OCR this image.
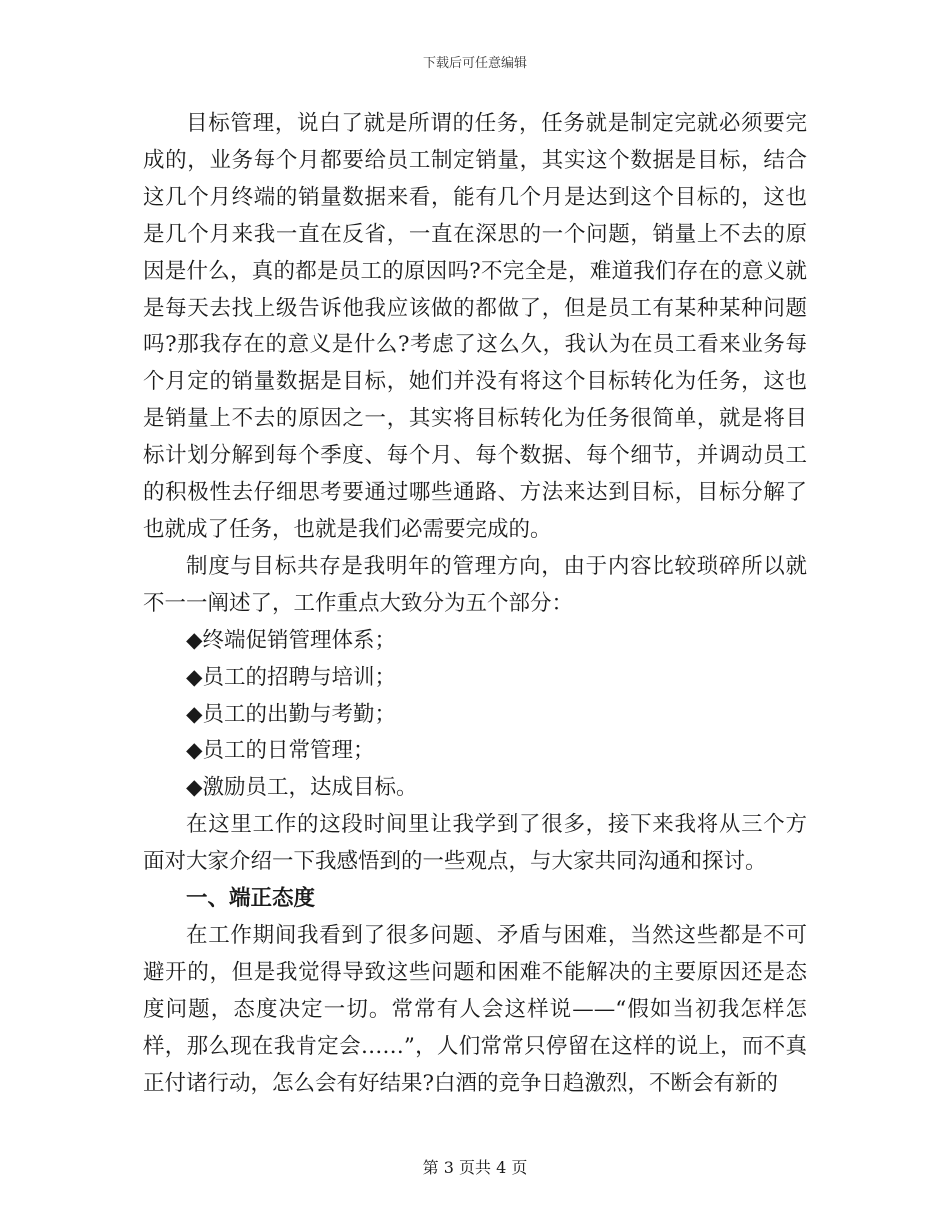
下载后可任意编辑

目标管理，说白了就是所谓的任务，任务就是制定完就必须要完成的，业务每个月都要给员工制定销量，其实这个数据是目标，结合这几个月终端的销量数据来看，能有几个月是达到这个目标的，这也是几个月来我一直在反省，一直在深思的一个问题，销量上不去的原因是什么，真的都是员工的原因吗?不完全是，难道我们存在的意义就是每天去找上级告诉他我应该做的都做了，但是员工有某种某种问题吗?那我存在的意义是什么?考虑了这么久，我认为在员工看来业务每个月定的销量数据是目标，她们并没有将这个目标转化为任务，这也是销量上不去的原因之一，其实将目标转化为任务很简单，就是将目标计划分解到每个季度、每个月、每个数据、每个细节，并调动员工的积极性去仔细思考要通过哪些通路、方法来达到目标，目标分解了也就成了任务，也就是我们必需要完成的。

制度与目标共存是我明年的管理方向，由于内容比较琐碎所以就不一一阐述了，工作重点大致分为五个部分：

◆终端促销管理体系；

◆员工的招聘与培训；

◆员工的出勤与考勤；

◆员工的日常管理；

◆激励员工，达成目标。

在这里工作的这段时间里让我学到了很多，接下来我将从三个方面对大家介绍一下我感悟到的一些观点，与大家共同沟通和探讨。

一、端正态度

在工作期间我看到了很多问题、矛盾与困难，当然这些都是不可避开的，但是我觉得导致这些问题和困难不能解决的主要原因还是态度问题，态度决定一切。常常有人会这样说——“假如当初我怎样怎样，那么现在我肯定会……”，人们常常只停留在这样的说上，而不真正付诸行动，怎么会有好结果?白酒的竞争日趋激烈，不断会有新的

第 3 页共 4 页
